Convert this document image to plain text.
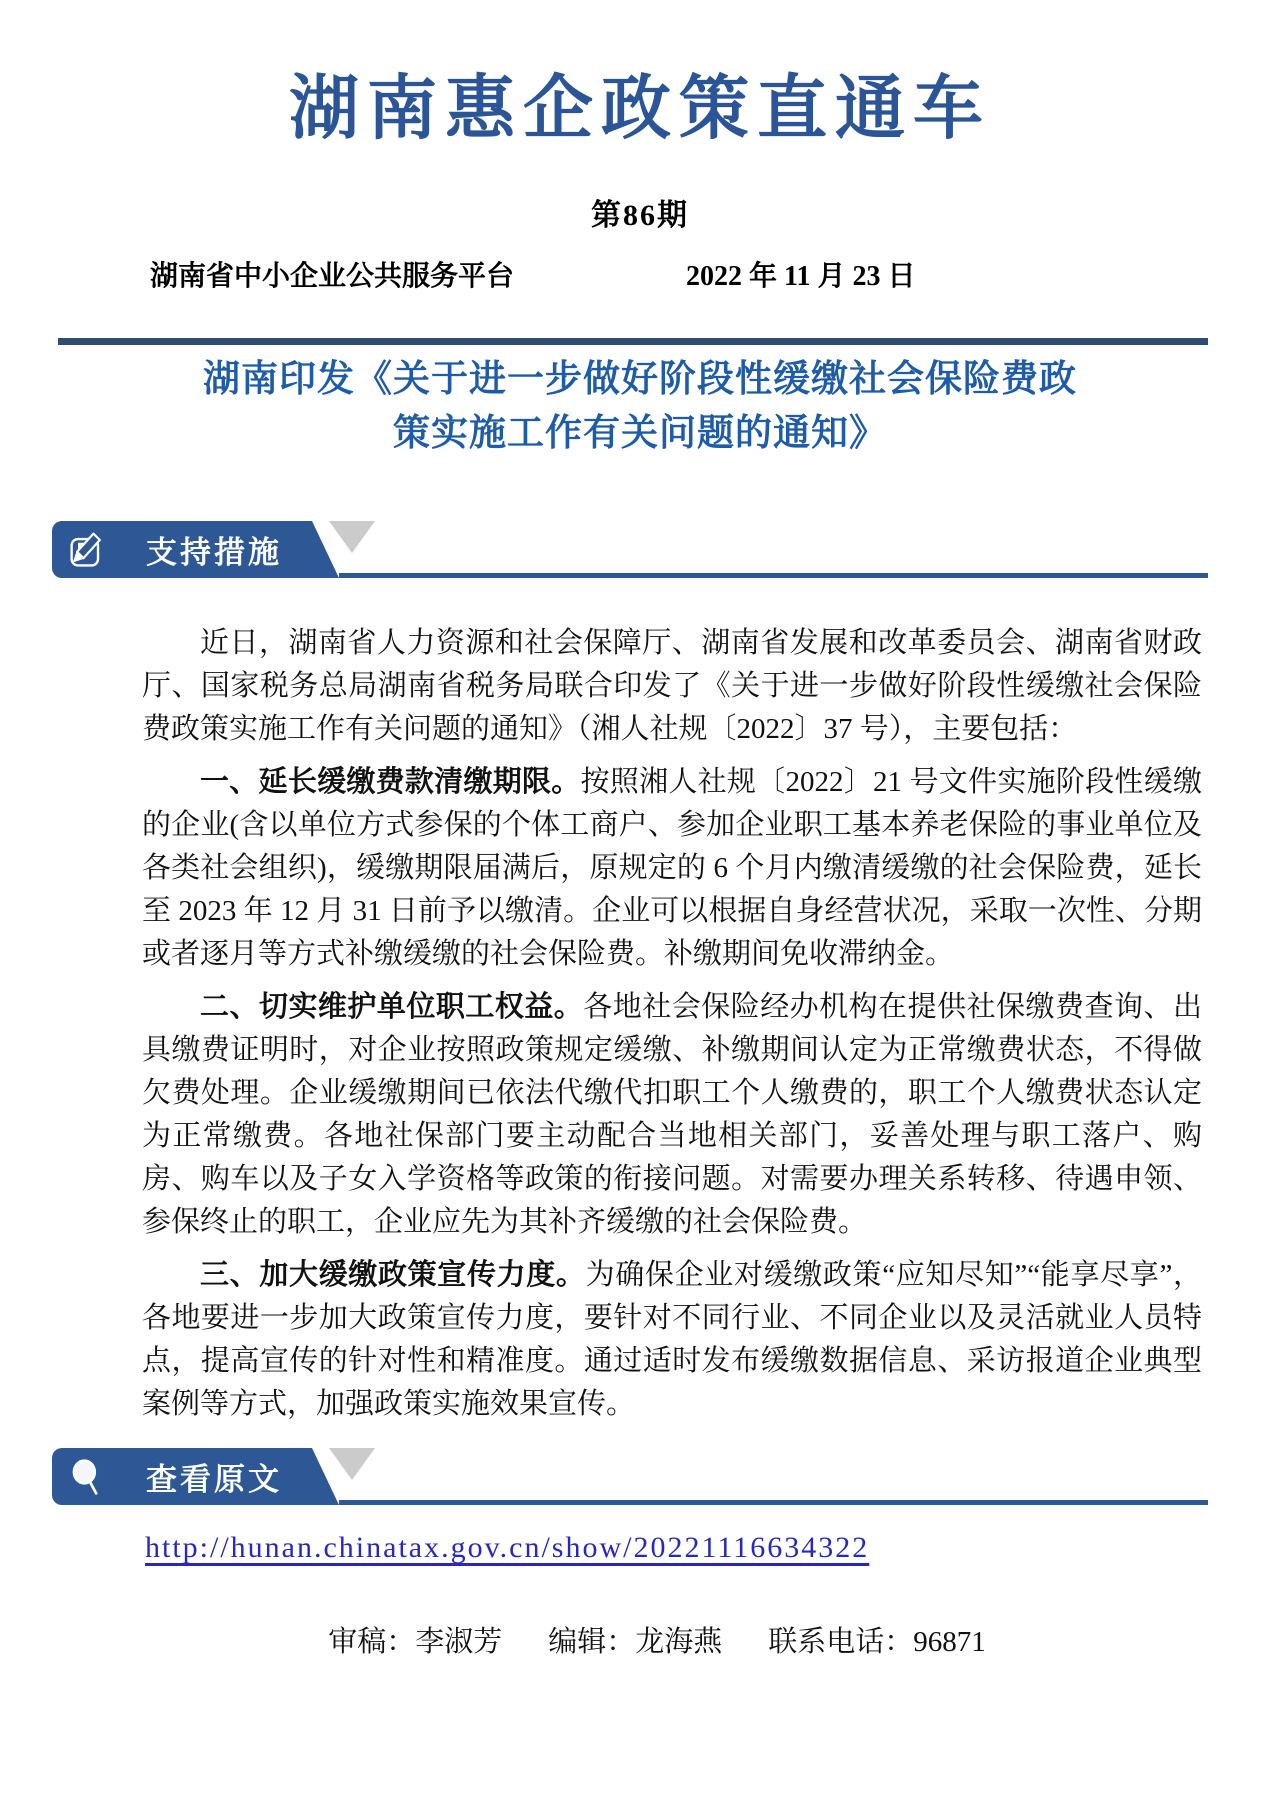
湖南惠企政策直通车
第86期
湖南省中小企业公共服务平台	2022 年 11 月 23 日
湖南印发《关于进一步做好阶段性缓缴社会保险费政
策实施工作有关问题的通知》
支持措施

近日，湖南省人力资源和社会保障厅、湖南省发展和改革委员会、湖南省财政厅、国家税务总局湖南省税务局联合印发了《关于进一步做好阶段性缓缴社会保险费政策实施工作有关问题的通知》（湘人社规〔2022〕37 号），主要包括：

一、延长缓缴费款清缴期限。按照湘人社规〔2022〕21 号文件实施阶段性缓缴的企业(含以单位方式参保的个体工商户、参加企业职工基本养老保险的事业单位及各类社会组织)，缓缴期限届满后，原规定的 6 个月内缴清缓缴的社会保险费，延长至 2023 年 12 月 31 日前予以缴清。企业可以根据自身经营状况，采取一次性、分期或者逐月等方式补缴缓缴的社会保险费。补缴期间免收滞纳金。

二、切实维护单位职工权益。各地社会保险经办机构在提供社保缴费查询、出具缴费证明时，对企业按照政策规定缓缴、补缴期间认定为正常缴费状态，不得做欠费处理。企业缓缴期间已依法代缴代扣职工个人缴费的，职工个人缴费状态认定为正常缴费。各地社保部门要主动配合当地相关部门，妥善处理与职工落户、购房、购车以及子女入学资格等政策的衔接问题。对需要办理关系转移、待遇申领、参保终止的职工，企业应先为其补齐缓缴的社会保险费。

三、加大缓缴政策宣传力度。为确保企业对缓缴政策“应知尽知”“能享尽享”，各地要进一步加大政策宣传力度，要针对不同行业、不同企业以及灵活就业人员特点，提高宣传的针对性和精准度。通过适时发布缓缴数据信息、采访报道企业典型案例等方式，加强政策实施效果宣传。

查看原文
http://hunan.chinatax.gov.cn/show/20221116634322
审稿：李淑芳 编辑：龙海燕 联系电话：96871
